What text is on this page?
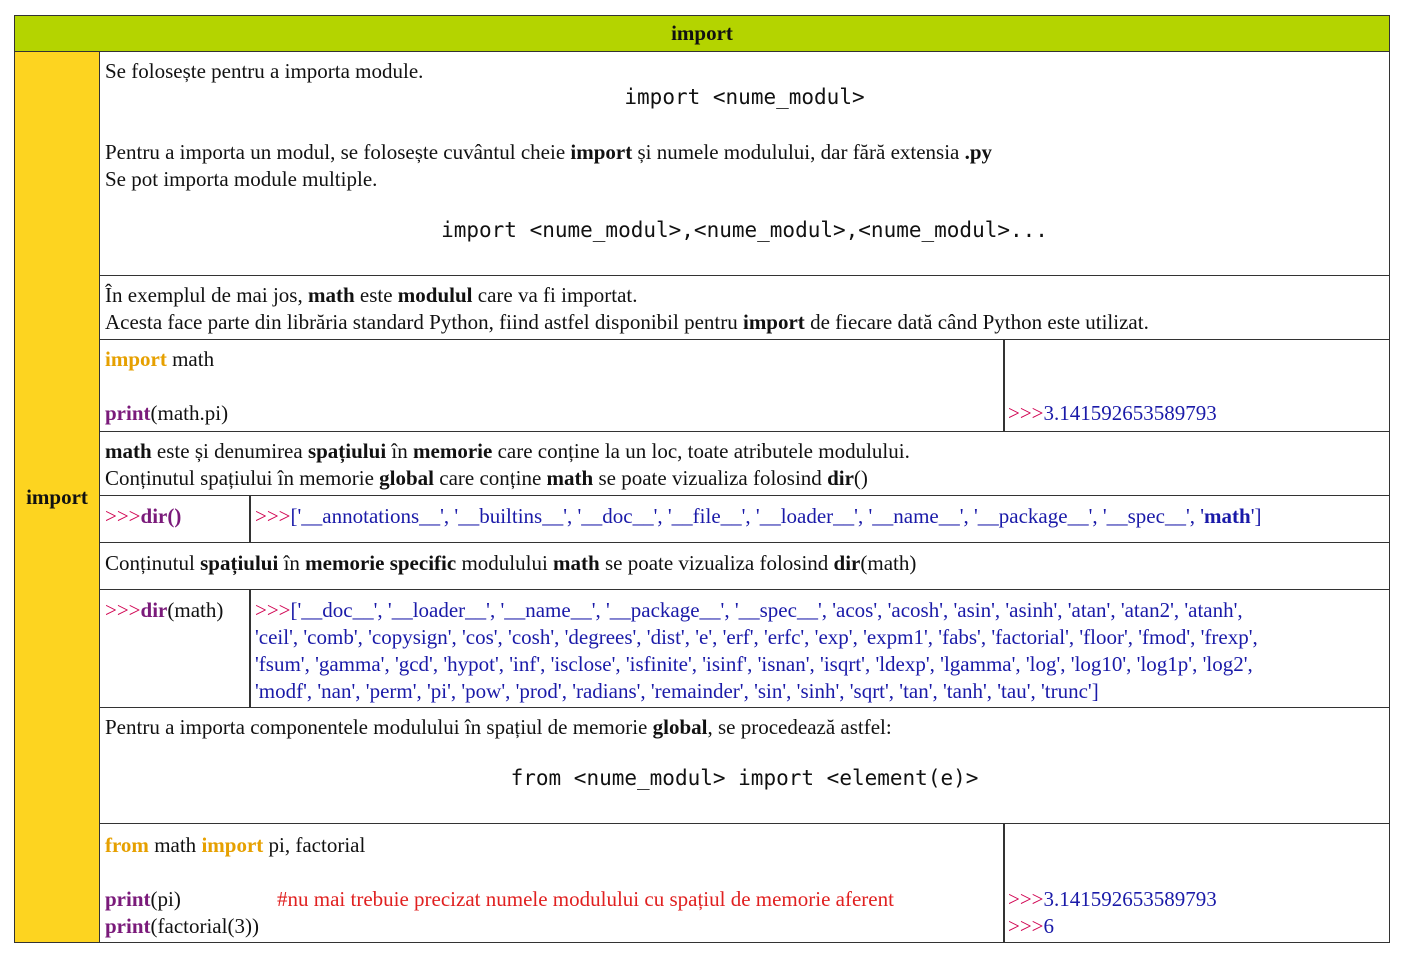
import
import
Se folosește pentru a importa module.
import <nume_modul>
Pentru a importa un modul, se folosește cuvântul cheie import și numele modulului, dar fără extensia .py
Se pot importa module multiple.
import <nume_modul>,<nume_modul>,<nume_modul>...
În exemplul de mai jos, math este modulul care va fi importat.
Acesta face parte din librăria standard Python, fiind astfel disponibil pentru import de fiecare dată când Python este utilizat.
import math
print(math.pi)	>>>3.141592653589793
math este și denumirea spațiului în memorie care conține la un loc, toate atributele modulului.
Conținutul spațiului în memorie global care conține math se poate vizualiza folosind dir()
>>>dir()	>>>['__annotations__', '__builtins__', '__doc__', '__file__', '__loader__', '__name__', '__package__', '__spec__', 'math']
Conținutul spațiului în memorie specific modulului math se poate vizualiza folosind dir(math)
>>>dir(math) >>>['__doc__', '__loader__', '__name__', '__package__', '__spec__', 'acos', 'acosh', 'asin', 'asinh', 'atan', 'atan2', 'atanh',
'ceil', 'comb', 'copysign', 'cos', 'cosh', 'degrees', 'dist', 'e', 'erf', 'erfc', 'exp', 'expm1', 'fabs', 'factorial', 'floor', 'fmod', 'frexp',
'fsum', 'gamma', 'gcd', 'hypot', 'inf', 'isclose', 'isfinite', 'isinf', 'isnan', 'isqrt', 'ldexp', 'lgamma', 'log', 'log10', 'log1p', 'log2',
'modf', 'nan', 'perm', 'pi', 'pow', 'prod', 'radians', 'remainder', 'sin', 'sinh', 'sqrt', 'tan', 'tanh', 'tau', 'trunc']
Pentru a importa componentele modulului în spațiul de memorie global, se procedează astfel:
from <nume_modul> import <element(e)>
from math import pi, factorial
print(pi)	#nu mai trebuie precizat numele modulului cu spațiul de memorie aferent
print(factorial(3))
>>>3.141592653589793
>>>6
